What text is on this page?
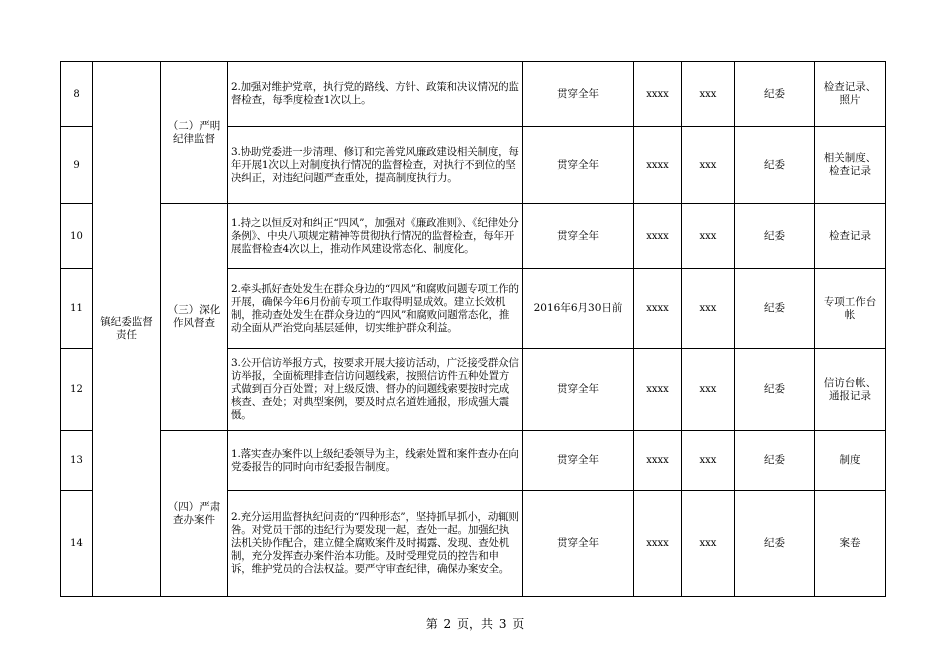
8	镇纪委监督责任	（二）严明纪律监督	2.加强对维护党章，执行党的路线、方针、政策和决议情况的监督检查，每季度检查1次以上。	贯穿全年	xxxx	xxx	纪委	检查记录、照片
9			3.协助党委进一步清理、修订和完善党风廉政建设相关制度，每年开展1次以上对制度执行情况的监督检查，对执行不到位的坚决纠正，对违纪问题严查重处，提高制度执行力。	贯穿全年	xxxx	xxx	纪委	相关制度、检查记录
10		（三）深化作风督查	1.持之以恒反对和纠正“四风”，加强对《廉政准则》、《纪律处分条例》、中央八项规定精神等贯彻执行情况的监督检查，每年开展监督检查4次以上，推动作风建设常态化、制度化。	贯穿全年	xxxx	xxx	纪委	检查记录
11			2.牵头抓好查处发生在群众身边的“四风”和腐败问题专项工作的开展，确保今年6月份前专项工作取得明显成效。建立长效机制，推动查处发生在群众身边的“四风”和腐败问题常态化，推动全面从严治党向基层延伸，切实维护群众利益。	2016年6月30日前	xxxx	xxx	纪委	专项工作台帐
12			3.公开信访举报方式，按要求开展大接访活动，广泛接受群众信访举报，全面梳理排查信访问题线索，按照信访件五种处置方式做到百分百处置；对上级反馈、督办的问题线索要按时完成核查、查处；对典型案例，要及时点名道姓通报，形成强大震慑。	贯穿全年	xxxx	xxx	纪委	信访台帐、通报记录
13		（四）严肃查办案件	1.落实查办案件以上级纪委领导为主，线索处置和案件查办在向党委报告的同时向市纪委报告制度。	贯穿全年	xxxx	xxx	纪委	制度
14			2.充分运用监督执纪问责的“四种形态”，坚持抓早抓小，动辄则咎。对党员干部的违纪行为要发现一起，查处一起。加强纪执法机关协作配合，建立健全腐败案件及时揭露、发现、查处机制，充分发挥查办案件治本功能。及时受理党员的控告和申诉，维护党员的合法权益。要严守审查纪律，确保办案安全。	贯穿全年	xxxx	xxx	纪委	案卷
第 2 页，共 3 页
